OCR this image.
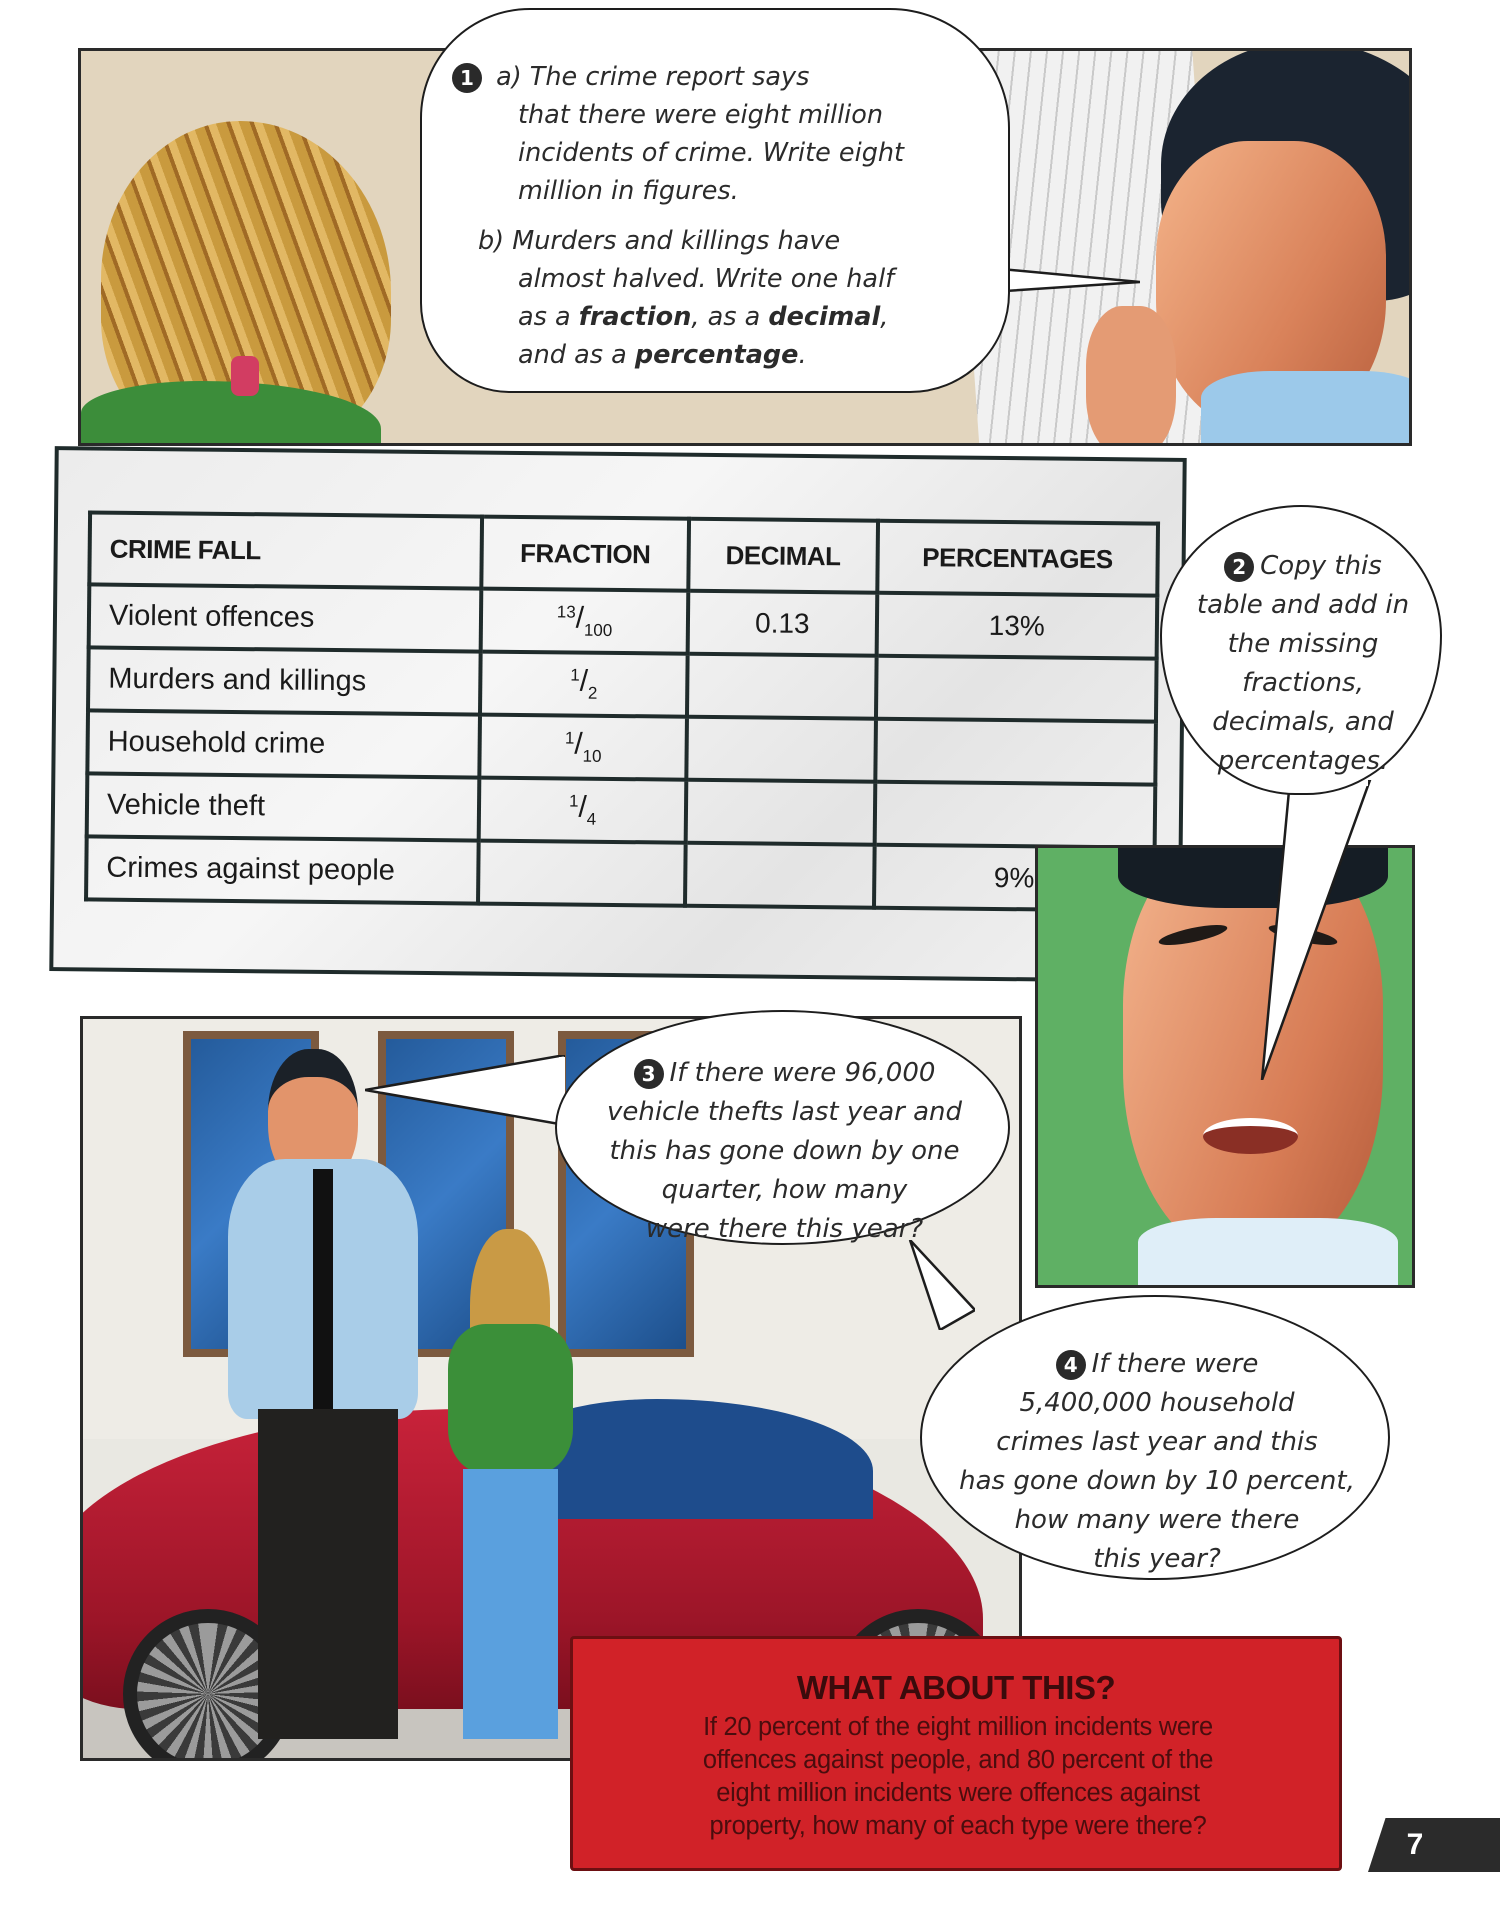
1 a) The crime report says
that there were eight million
incidents of crime. Write eight
million in figures.
b) Murders and killings have
almost halved. Write one half
as a fraction, as a decimal,
and as a percentage.
CRIME FALL	FRACTION	DECIMAL	PERCENTAGES
Violent offences	$^{13}/_{100}$	0.13	13%
Murders and killings	$^1/_2$		
Household crime	$^1/_{10}$		
Vehicle theft	$^1/_4$		
Crimes against people			9%
2 Copy this
table and add in
the missing
fractions,
decimals, and
percentages.
3 If there were 96,000
vehicle thefts last year and
this has gone down by one
quarter, how many
were there this year?
4 If there were
5,400,000 household
crimes last year and this
has gone down by 10 percent,
how many were there
this year?
WHAT ABOUT THIS?
If 20 percent of the eight million incidents were
offences against people, and 80 percent of the
eight million incidents were offences against
property, how many of each type were there?
7
